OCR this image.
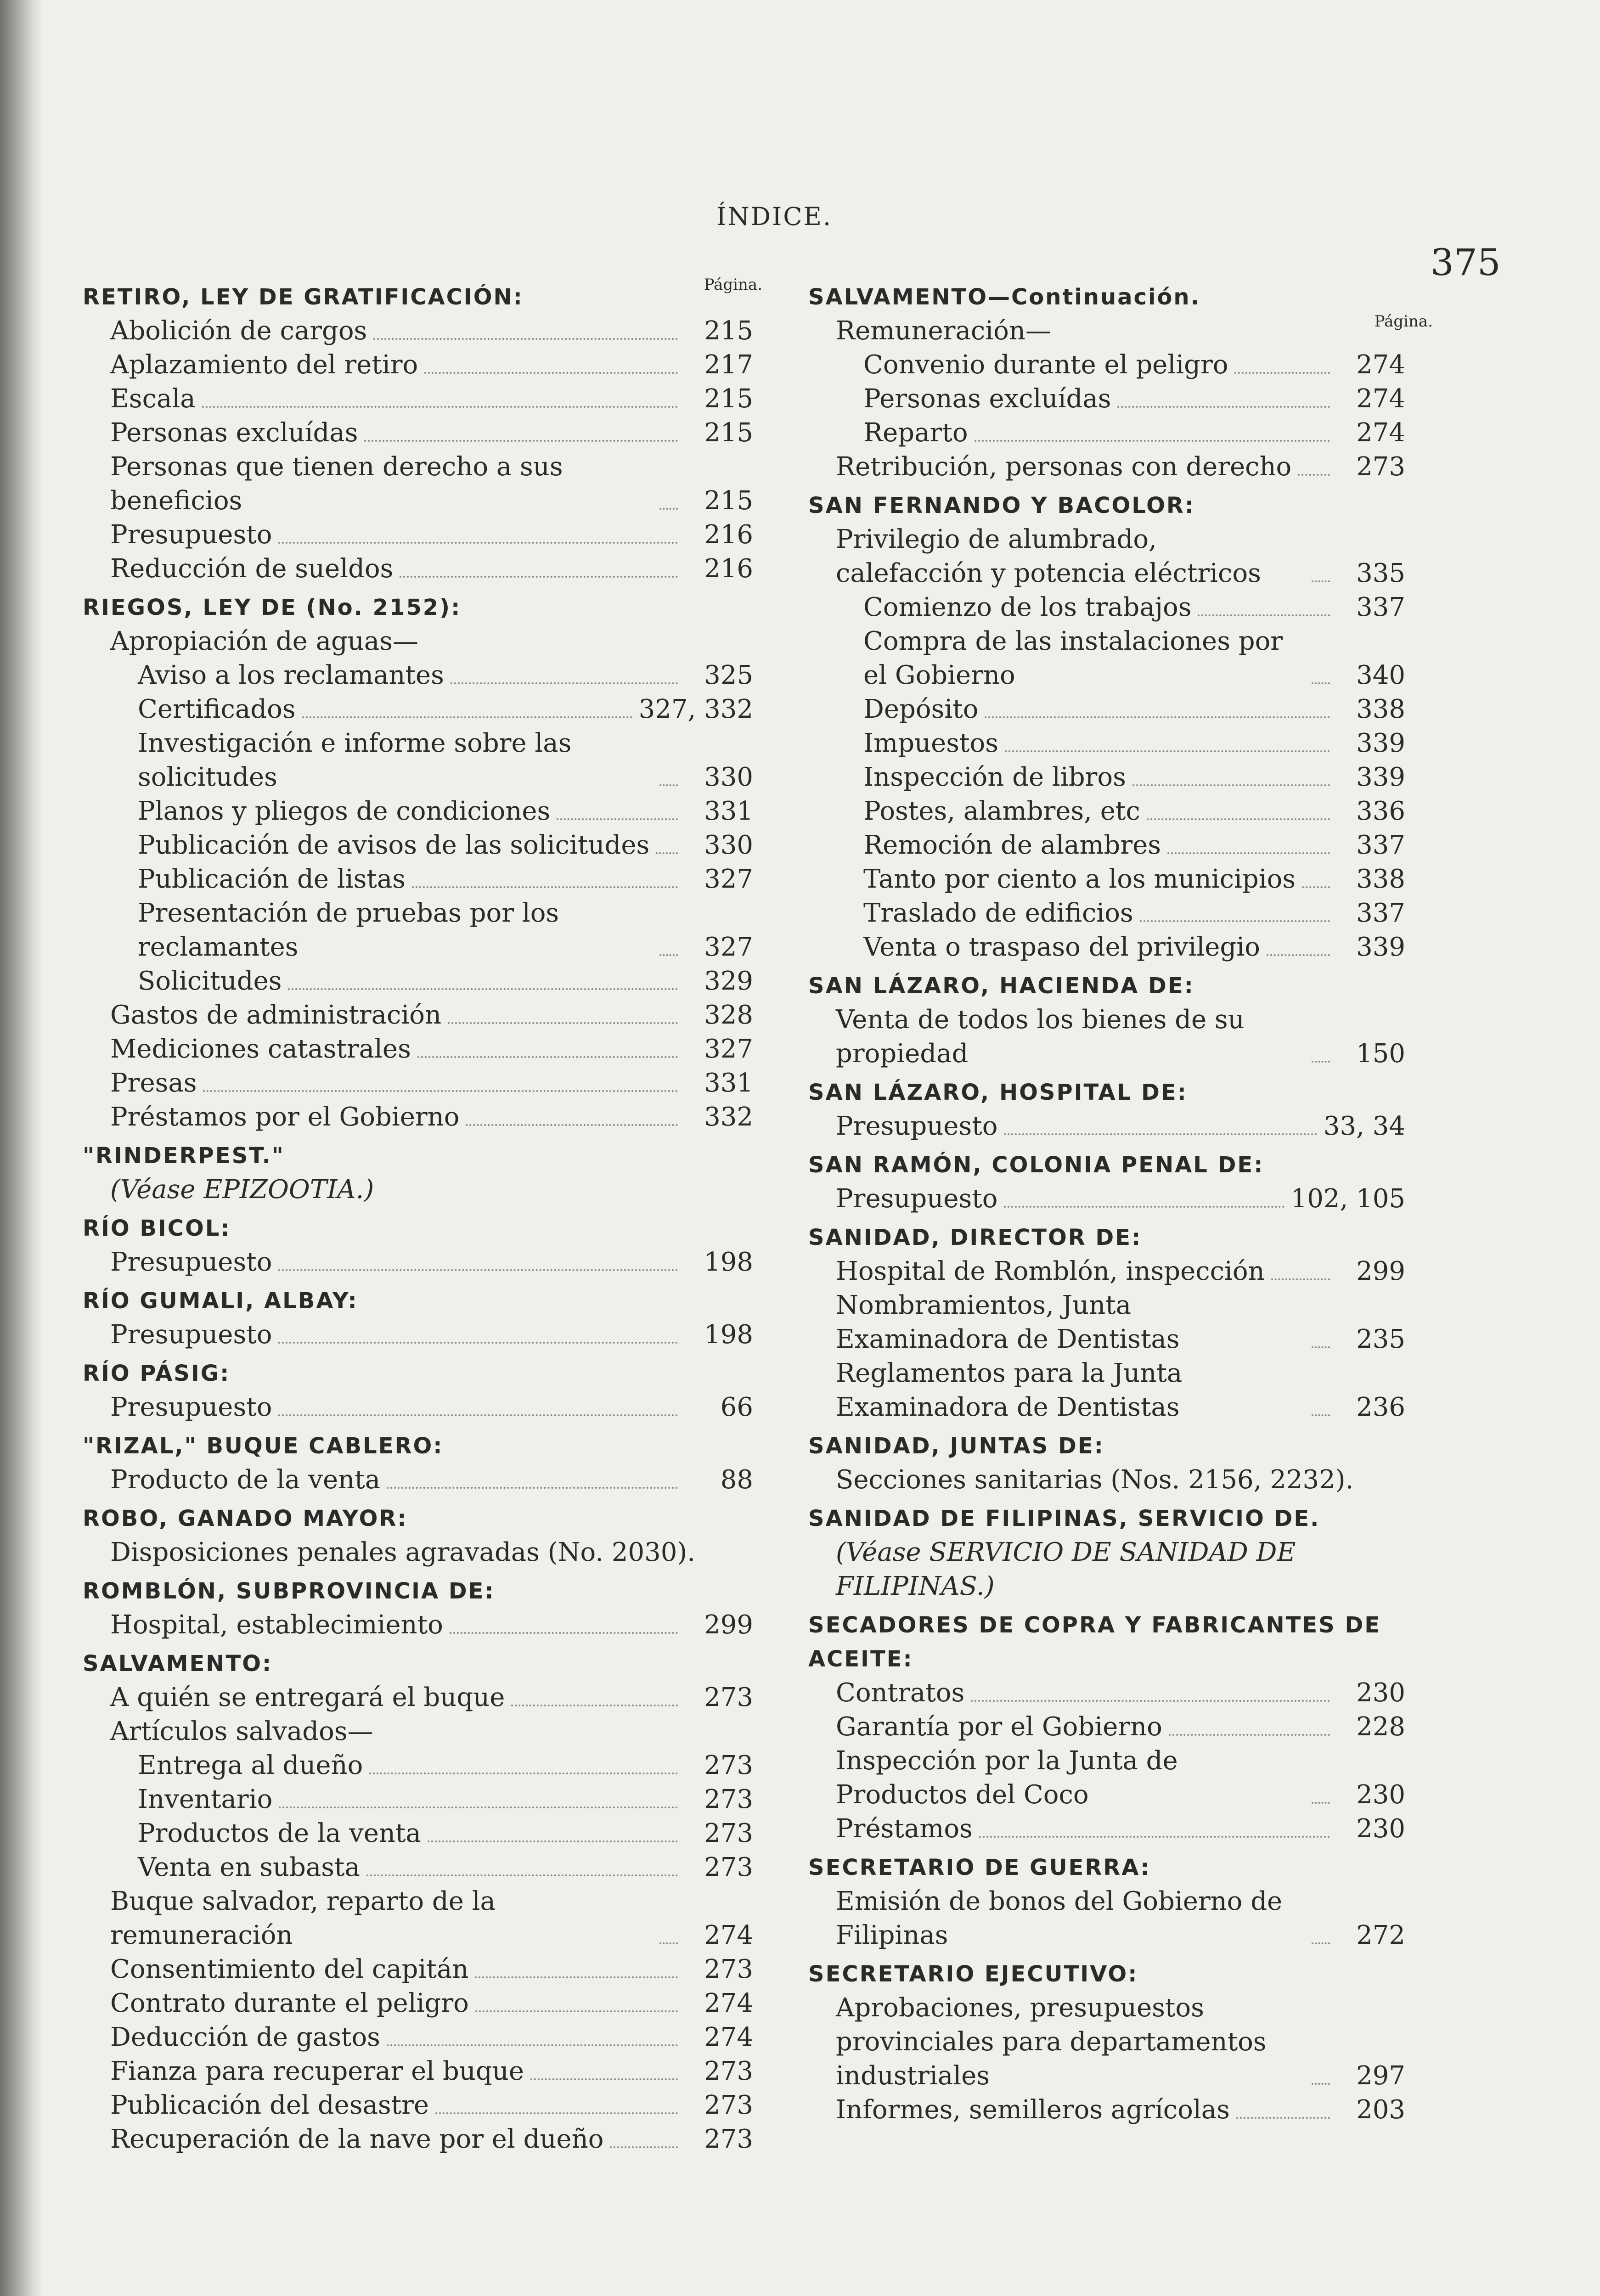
ÍNDICE.
375
Página.
RETIRO, LEY DE GRATIFICACIÓN:
Abolición de cargos	215
Aplazamiento del retiro	217
Escala	215
Personas excluídas	215
Personas que tienen derecho a sus beneficios	215
Presupuesto	216
Reducción de sueldos	216
RIEGOS, LEY DE (No. 2152):
Apropiación de aguas—
Aviso a los reclamantes	325
Certificados	327, 332
Investigación e informe sobre las solicitudes	330
Planos y pliegos de condiciones	331
Publicación de avisos de las solicitudes	330
Publicación de listas	327
Presentación de pruebas por los reclamantes	327
Solicitudes	329
Gastos de administración	328
Mediciones catastrales	327
Presas	331
Préstamos por el Gobierno	332
"RINDERPEST."
(Véase EPIZOOTIA.)
RÍO BICOL:
Presupuesto	198
RÍO GUMALI, ALBAY:
Presupuesto	198
RÍO PÁSIG:
Presupuesto	66
"RIZAL," BUQUE CABLERO:
Producto de la venta	88
ROBO, GANADO MAYOR:
Disposiciones penales agravadas (No. 2030).
ROMBLÓN, SUBPROVINCIA DE:
Hospital, establecimiento	299
SALVAMENTO:
A quién se entregará el buque	273
Artículos salvados—
Entrega al dueño	273
Inventario	273
Productos de la venta	273
Venta en subasta	273
Buque salvador, reparto de la remuneración	274
Consentimiento del capitán	273
Contrato durante el peligro	274
Deducción de gastos	274
Fianza para recuperar el buque	273
Publicación del desastre	273
Recuperación de la nave por el dueño	273
Página.
SALVAMENTO—Continuación.
Remuneración—
Convenio durante el peligro	274
Personas excluídas	274
Reparto	274
Retribución, personas con derecho	273
SAN FERNANDO Y BACOLOR:
Privilegio de alumbrado, calefacción y potencia eléctricos	335
Comienzo de los trabajos	337
Compra de las instalaciones por el Gobierno	340
Depósito	338
Impuestos	339
Inspección de libros	339
Postes, alambres, etc	336
Remoción de alambres	337
Tanto por ciento a los municipios	338
Traslado de edificios	337
Venta o traspaso del privilegio	339
SAN LÁZARO, HACIENDA DE:
Venta de todos los bienes de su propiedad	150
SAN LÁZARO, HOSPITAL DE:
Presupuesto	33, 34
SAN RAMÓN, COLONIA PENAL DE:
Presupuesto	102, 105
SANIDAD, DIRECTOR DE:
Hospital de Romblón, inspección	299
Nombramientos, Junta Examinadora de Dentistas	235
Reglamentos para la Junta Examinadora de Dentistas	236
SANIDAD, JUNTAS DE:
Secciones sanitarias (Nos. 2156, 2232).
SANIDAD DE FILIPINAS, SERVICIO DE.
(Véase SERVICIO DE SANIDAD DE FILIPINAS.)
SECADORES DE COPRA Y FABRICANTES DE ACEITE:
Contratos	230
Garantía por el Gobierno	228
Inspección por la Junta de Productos del Coco	230
Préstamos	230
SECRETARIO DE GUERRA:
Emisión de bonos del Gobierno de Filipinas	272
SECRETARIO EJECUTIVO:
Aprobaciones, presupuestos provinciales para departamentos industriales	297
Informes, semilleros agrícolas	203
